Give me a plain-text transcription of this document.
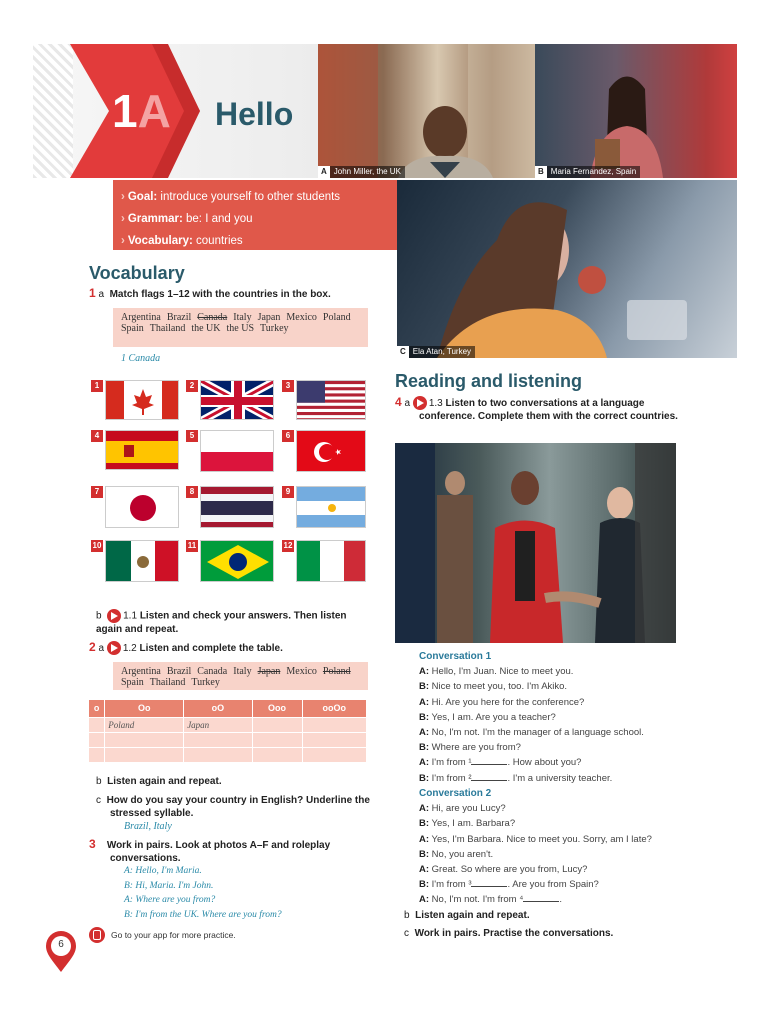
1A Hello
A John Miller, the UK	B Maria Fernandez, Spain
C Ela Atan, Turkey
› Goal: introduce yourself to other students
› Grammar: be: I and you
› Vocabulary: countries
Vocabulary
1 a Match flags 1–12 with the countries in the box.
Argentina Brazil Canada Italy Japan Mexico PolandSpain Thailand the UK the US Turkey
1 Canada
1	2	3
4	5	6
7	8	9
10	11	12
b 1.1 Listen and check your answers. Then listen again and repeat.
2 a 1.2 Listen and complete the table.
Argentina Brazil Canada Italy Japan Mexico PolandSpain Thailand Turkey
o	Oo	oO	Ooo	ooOo
	Poland	Japan		

b Listen again and repeat.
c How do you say your country in English? Underline the stressed syllable.
Brazil, Italy
3 Work in pairs. Look at photos A–F and roleplay conversations.
A: Hello, I'm Maria.
B: Hi, Maria. I'm John.
A: Where are you from?
B: I'm from the UK. Where are you from?
6
Go to your app for more practice.
Reading and listening
4 a 1.3 Listen to two conversations at a language conference. Complete them with the correct countries.

Conversation 1

A: Hello, I'm Juan. Nice to meet you.

B: Nice to meet you, too. I'm Akiko.

A: Hi. Are you here for the conference?

B: Yes, I am. Are you a teacher?

A: No, I'm not. I'm the manager of a language school.

B: Where are you from?

A: I'm from ¹	. How about you?

B: I'm from ²	. I'm a university teacher.

Conversation 2

A: Hi, are you Lucy?

B: Yes, I am. Barbara?

A: Yes, I'm Barbara. Nice to meet you. Sorry, am I late?

B: No, you aren't.

A: Great. So where are you from, Lucy?

B: I'm from ³	. Are you from Spain?

A: No, I'm not. I'm from ⁴	.

b Listen again and repeat.
c Work in pairs. Practise the conversations.
